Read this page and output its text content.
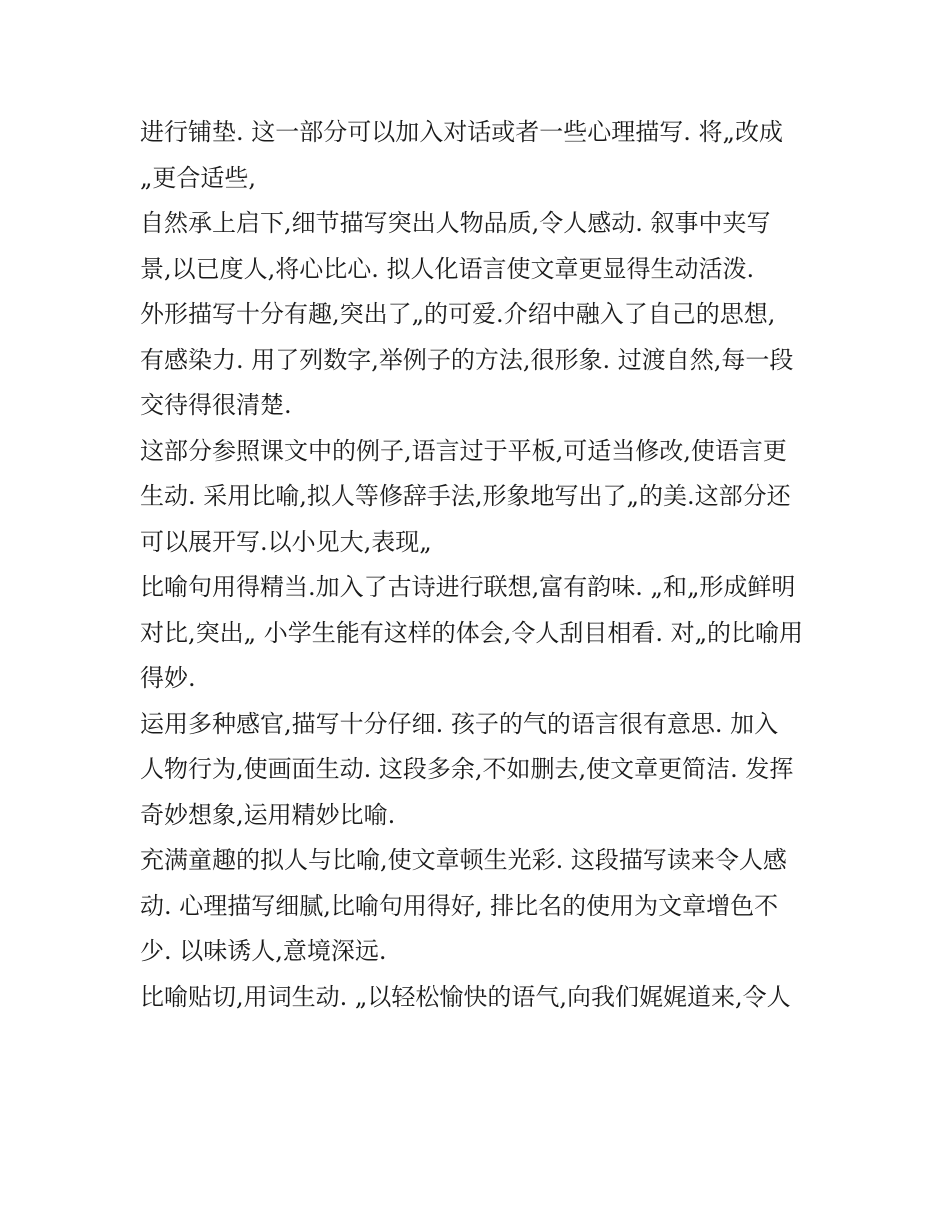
进行铺垫. 这一部分可以加入对话或者一些心理描写. 将„改成
„更合适些,
自然承上启下,细节描写突出人物品质,令人感动. 叙事中夹写
景,以已度人,将心比心. 拟人化语言使文章更显得生动活泼.
外形描写十分有趣,突出了„的可爱.介绍中融入了自己的思想,
有感染力. 用了列数字,举例子的方法,很形象. 过渡自然,每一段
交待得很清楚.
这部分参照课文中的例子,语言过于平板,可适当修改,使语言更
生动. 采用比喻,拟人等修辞手法,形象地写出了„的美.这部分还
可以展开写.以小见大,表现„
比喻句用得精当.加入了古诗进行联想,富有韵味. „和„形成鲜明
对比,突出„ 小学生能有这样的体会,令人刮目相看. 对„的比喻用
得妙.
运用多种感官,描写十分仔细. 孩子的气的语言很有意思. 加入
人物行为,使画面生动. 这段多余,不如删去,使文章更简洁. 发挥
奇妙想象,运用精妙比喻.
充满童趣的拟人与比喻,使文章顿生光彩. 这段描写读来令人感
动. 心理描写细腻,比喻句用得好, 排比名的使用为文章增色不
少. 以味诱人,意境深远.
比喻贴切,用词生动. „以轻松愉快的语气,向我们娓娓道来,令人
